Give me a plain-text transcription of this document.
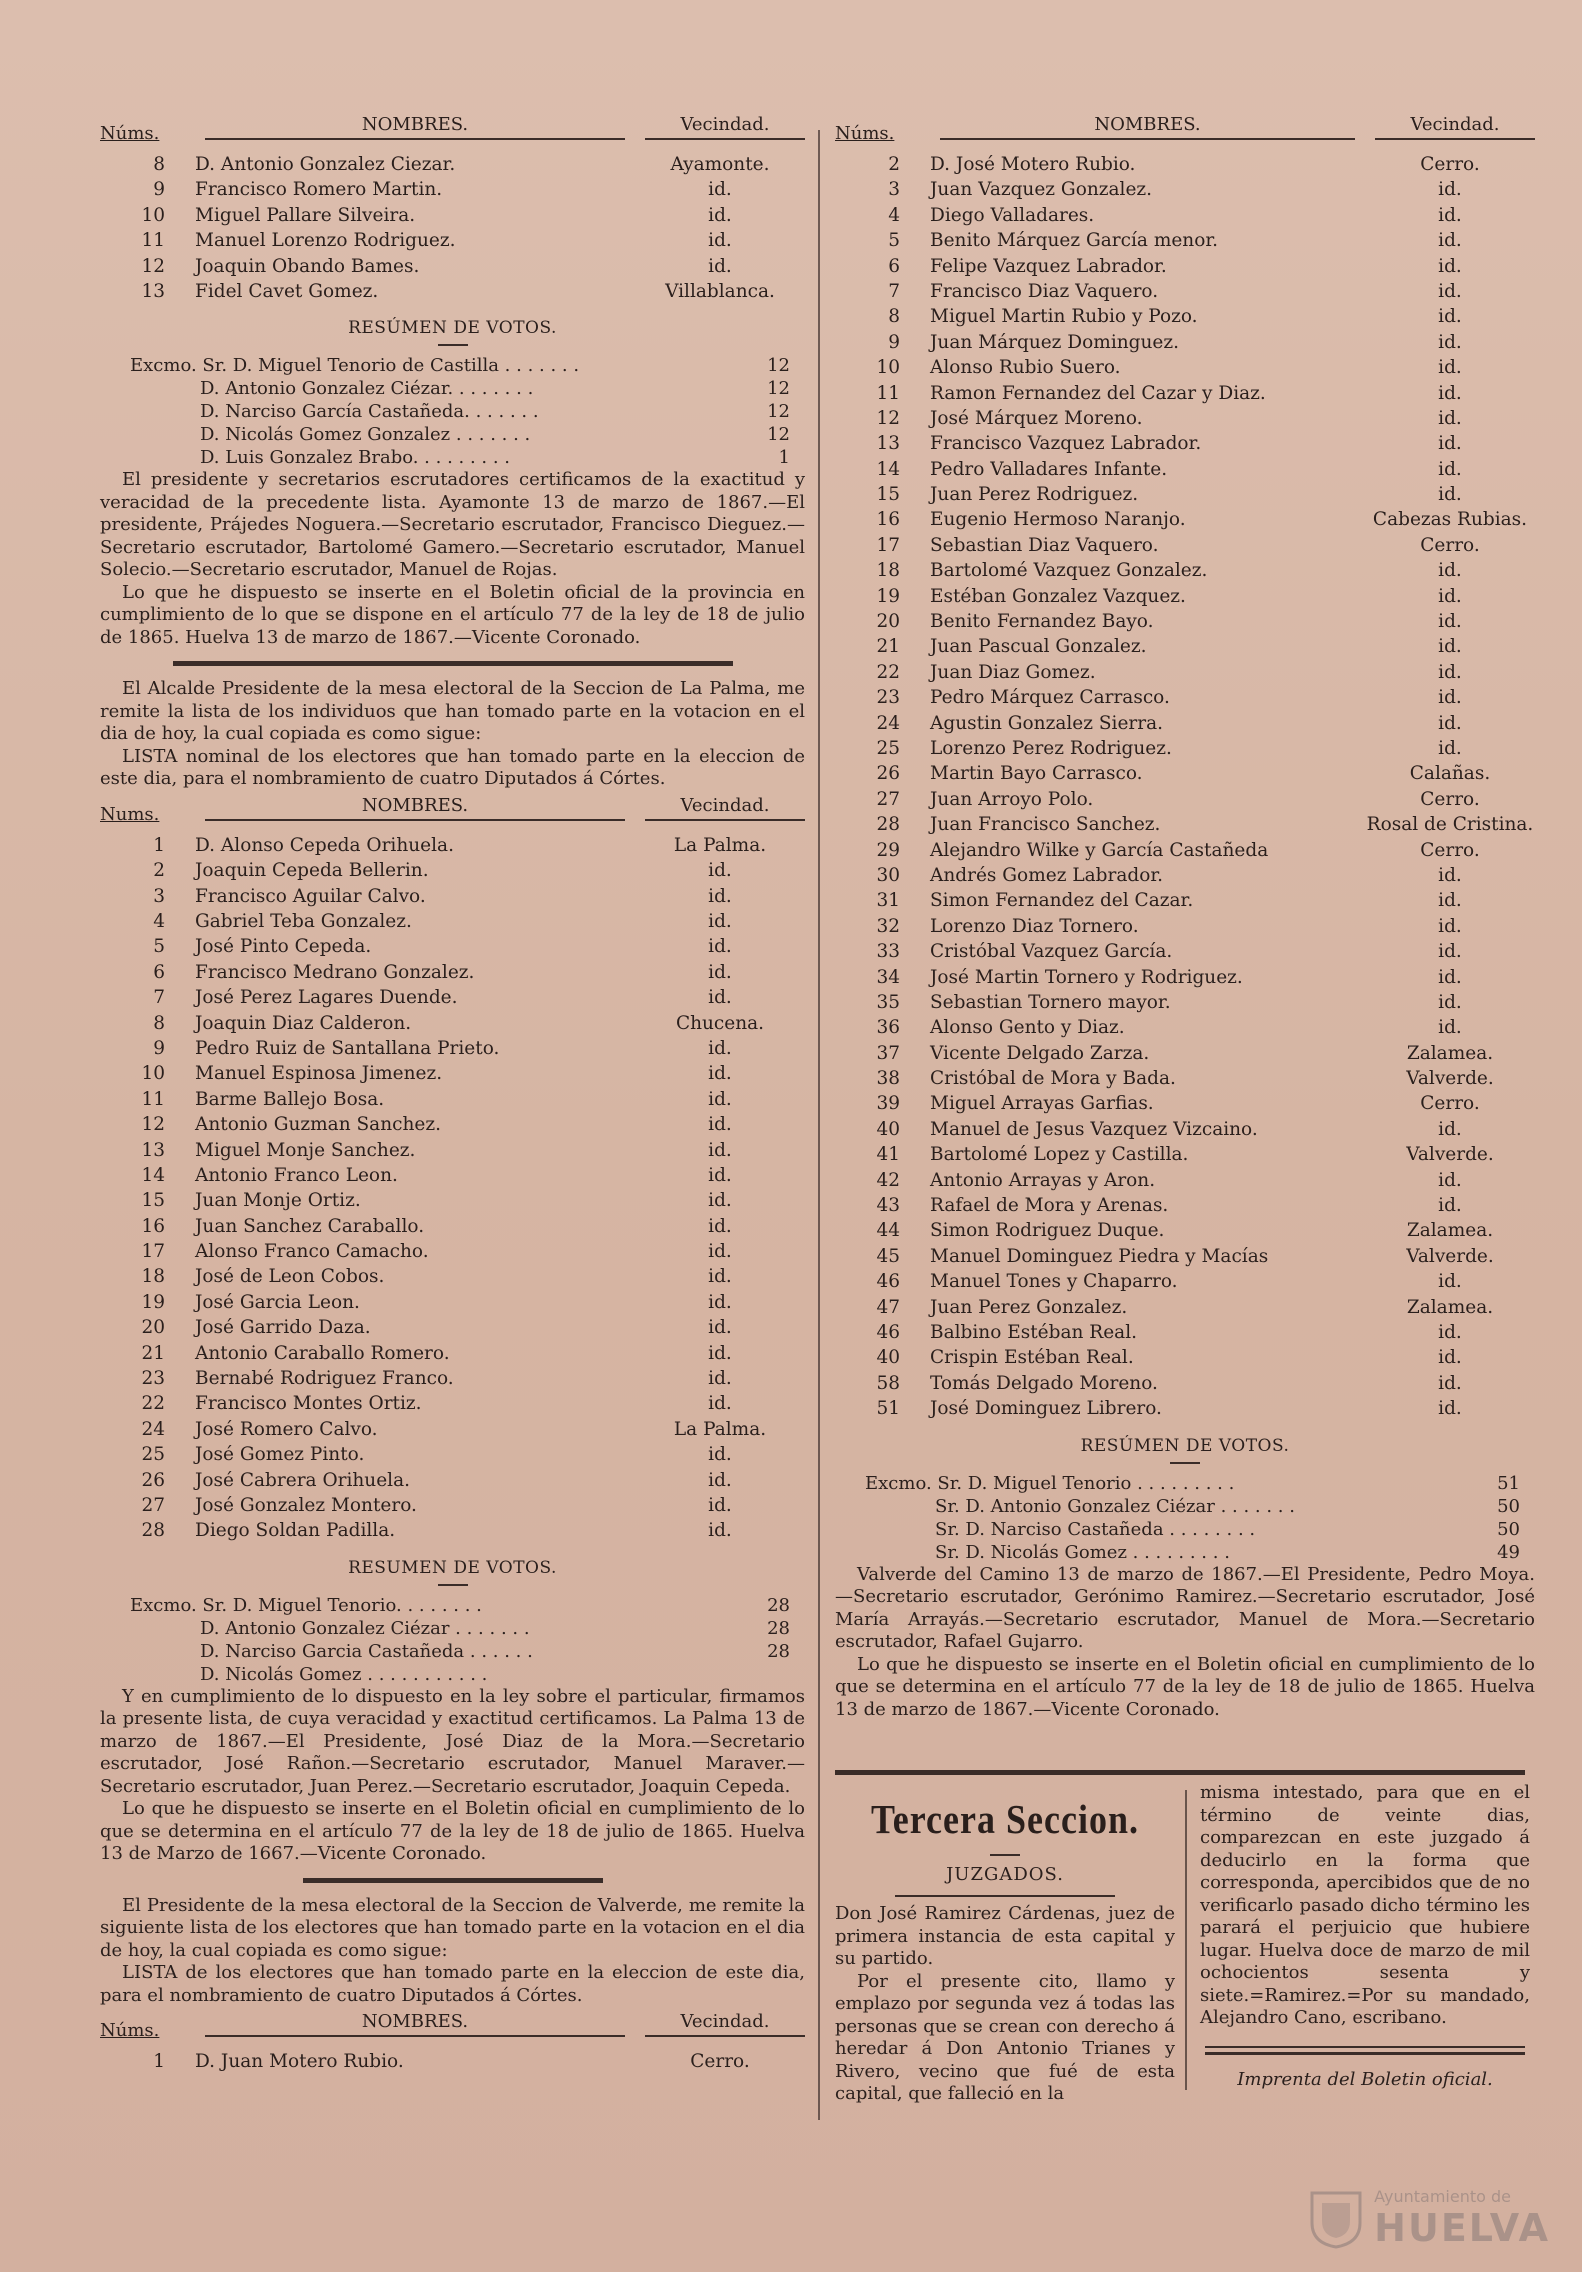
Núms.	NOMBRES.	Vecindad.
8	D. Antonio Gonzalez Ciezar.	Ayamonte.
9	Francisco Romero Martin.	id.
10	Miguel Pallare Silveira.	id.
11	Manuel Lorenzo Rodriguez.	id.
12	Joaquin Obando Bames.	id.
13	Fidel Cavet Gomez.	Villablanca.
RESÚMEN DE VOTOS.
Excmo. Sr. D. Miguel Tenorio de Castilla . . . . . . .	12
D. Antonio Gonzalez Ciézar. . . . . . . .	12
D. Narciso García Castañeda. . . . . . .	12
D. Nicolás Gomez Gonzalez . . . . . . .	12
D. Luis Gonzalez Brabo. . . . . . . . .	1

El presidente y secretarios escrutadores certificamos de la exactitud y veracidad de la precedente lista. Ayamonte 13 de marzo de 1867.—El presidente, Prájedes Noguera.—Secretario escrutador, Francisco Dieguez.—Secretario escrutador, Bartolomé Gamero.—Secretario escrutador, Manuel Solecio.—Secretario escrutador, Manuel de Rojas.

Lo que he dispuesto se inserte en el Boletin oficial de la provincia en cumplimiento de lo que se dispone en el artículo 77 de la ley de 18 de julio de 1865. Huelva 13 de marzo de 1867.—Vicente Coronado.

El Alcalde Presidente de la mesa electoral de la Seccion de La Palma, me remite la lista de los individuos que han tomado parte en la votacion en el dia de hoy, la cual copiada es como sigue:

LISTA nominal de los electores que han tomado parte en la eleccion de este dia, para el nombramiento de cuatro Diputados á Córtes.

Nums.	NOMBRES.	Vecindad.
1	D. Alonso Cepeda Orihuela.	La Palma.
2	Joaquin Cepeda Bellerin.	id.
3	Francisco Aguilar Calvo.	id.
4	Gabriel Teba Gonzalez.	id.
5	José Pinto Cepeda.	id.
6	Francisco Medrano Gonzalez.	id.
7	José Perez Lagares Duende.	id.
8	Joaquin Diaz Calderon.	Chucena.
9	Pedro Ruiz de Santallana Prieto.	id.
10	Manuel Espinosa Jimenez.	id.
11	Barme Ballejo Bosa.	id.
12	Antonio Guzman Sanchez.	id.
13	Miguel Monje Sanchez.	id.
14	Antonio Franco Leon.	id.
15	Juan Monje Ortiz.	id.
16	Juan Sanchez Caraballo.	id.
17	Alonso Franco Camacho.	id.
18	José de Leon Cobos.	id.
19	José Garcia Leon.	id.
20	José Garrido Daza.	id.
21	Antonio Caraballo Romero.	id.
23	Bernabé Rodriguez Franco.	id.
22	Francisco Montes Ortiz.	id.
24	José Romero Calvo.	La Palma.
25	José Gomez Pinto.	id.
26	José Cabrera Orihuela.	id.
27	José Gonzalez Montero.	id.
28	Diego Soldan Padilla.	id.
RESUMEN DE VOTOS.
Excmo. Sr. D. Miguel Tenorio. . . . . . . .	28
D. Antonio Gonzalez Ciézar . . . . . . .	28
D. Narciso Garcia Castañeda . . . . . .	28
D. Nicolás Gomez . . . . . . . . . . .

Y en cumplimiento de lo dispuesto en la ley sobre el particular, firmamos la presente lista, de cuya veracidad y exactitud certificamos. La Palma 13 de marzo de 1867.—El Presidente, José Diaz de la Mora.—Secretario escrutador, José Rañon.—Secretario escrutador, Manuel Maraver.—Secretario escrutador, Juan Perez.—Secretario escrutador, Joaquin Cepeda.

Lo que he dispuesto se inserte en el Boletin oficial en cumplimiento de lo que se determina en el artículo 77 de la ley de 18 de julio de 1865. Huelva 13 de Marzo de 1667.—Vicente Coronado.

El Presidente de la mesa electoral de la Seccion de Valverde, me remite la siguiente lista de los electores que han tomado parte en la votacion en el dia de hoy, la cual copiada es como sigue:

LISTA de los electores que han tomado parte en la eleccion de este dia, para el nombramiento de cuatro Diputados á Córtes.

Núms.	NOMBRES.	Vecindad.
1	D. Juan Motero Rubio.	Cerro.
Núms.	NOMBRES.	Vecindad.
2	D. José Motero Rubio.	Cerro.
3	Juan Vazquez Gonzalez.	id.
4	Diego Valladares.	id.
5	Benito Márquez García menor.	id.
6	Felipe Vazquez Labrador.	id.
7	Francisco Diaz Vaquero.	id.
8	Miguel Martin Rubio y Pozo.	id.
9	Juan Márquez Dominguez.	id.
10	Alonso Rubio Suero.	id.
11	Ramon Fernandez del Cazar y Diaz.	id.
12	José Márquez Moreno.	id.
13	Francisco Vazquez Labrador.	id.
14	Pedro Valladares Infante.	id.
15	Juan Perez Rodriguez.	id.
16	Eugenio Hermoso Naranjo.	Cabezas Rubias.
17	Sebastian Diaz Vaquero.	Cerro.
18	Bartolomé Vazquez Gonzalez.	id.
19	Estéban Gonzalez Vazquez.	id.
20	Benito Fernandez Bayo.	id.
21	Juan Pascual Gonzalez.	id.
22	Juan Diaz Gomez.	id.
23	Pedro Márquez Carrasco.	id.
24	Agustin Gonzalez Sierra.	id.
25	Lorenzo Perez Rodriguez.	id.
26	Martin Bayo Carrasco.	Calañas.
27	Juan Arroyo Polo.	Cerro.
28	Juan Francisco Sanchez.	Rosal de Cristina.
29	Alejandro Wilke y García Castañeda	Cerro.
30	Andrés Gomez Labrador.	id.
31	Simon Fernandez del Cazar.	id.
32	Lorenzo Diaz Tornero.	id.
33	Cristóbal Vazquez García.	id.
34	José Martin Tornero y Rodriguez.	id.
35	Sebastian Tornero mayor.	id.
36	Alonso Gento y Diaz.	id.
37	Vicente Delgado Zarza.	Zalamea.
38	Cristóbal de Mora y Bada.	Valverde.
39	Miguel Arrayas Garfias.	Cerro.
40	Manuel de Jesus Vazquez Vizcaino.	id.
41	Bartolomé Lopez y Castilla.	Valverde.
42	Antonio Arrayas y Aron.	id.
43	Rafael de Mora y Arenas.	id.
44	Simon Rodriguez Duque.	Zalamea.
45	Manuel Dominguez Piedra y Macías	Valverde.
46	Manuel Tones y Chaparro.	id.
47	Juan Perez Gonzalez.	Zalamea.
46	Balbino Estéban Real.	id.
40	Crispin Estéban Real.	id.
58	Tomás Delgado Moreno.	id.
51	José Dominguez Librero.	id.
RESÚMEN DE VOTOS.
Excmo. Sr. D. Miguel Tenorio . . . . . . . . .	51
Sr. D. Antonio Gonzalez Ciézar . . . . . . .	50
Sr. D. Narciso Castañeda . . . . . . . .	50
Sr. D. Nicolás Gomez . . . . . . . . .	49

Valverde del Camino 13 de marzo de 1867.—El Presidente, Pedro Moya. —Secretario escrutador, Gerónimo Ramirez.—Secretario escrutador, José María Arrayás.—Secretario escrutador, Manuel de Mora.—Secretario escrutador, Rafael Gujarro.

Lo que he dispuesto se inserte en el Boletin oficial en cumplimiento de lo que se determina en el artículo 77 de la ley de 18 de julio de 1865. Huelva 13 de marzo de 1867.—Vicente Coronado.

Tercera Seccion.
JUZGADOS.

Don José Ramirez Cárdenas, juez de primera instancia de esta capital y su partido.

Por el presente cito, llamo y emplazo por segunda vez á todas las personas que se crean con derecho á heredar á Don Antonio Trianes y Rivero, vecino que fué de esta capital, que falleció en la

misma intestado, para que en el término de veinte dias, comparezcan en este juzgado á deducirlo en la forma que corresponda, apercibidos que de no verificarlo pasado dicho término les parará el perjuicio que hubiere lugar. Huelva doce de marzo de mil ochocientos sesenta y siete.=Ramirez.=Por su mandado, Alejandro Cano, escribano.

Imprenta del Boletin oficial.
Ayuntamiento de
HUELVA
